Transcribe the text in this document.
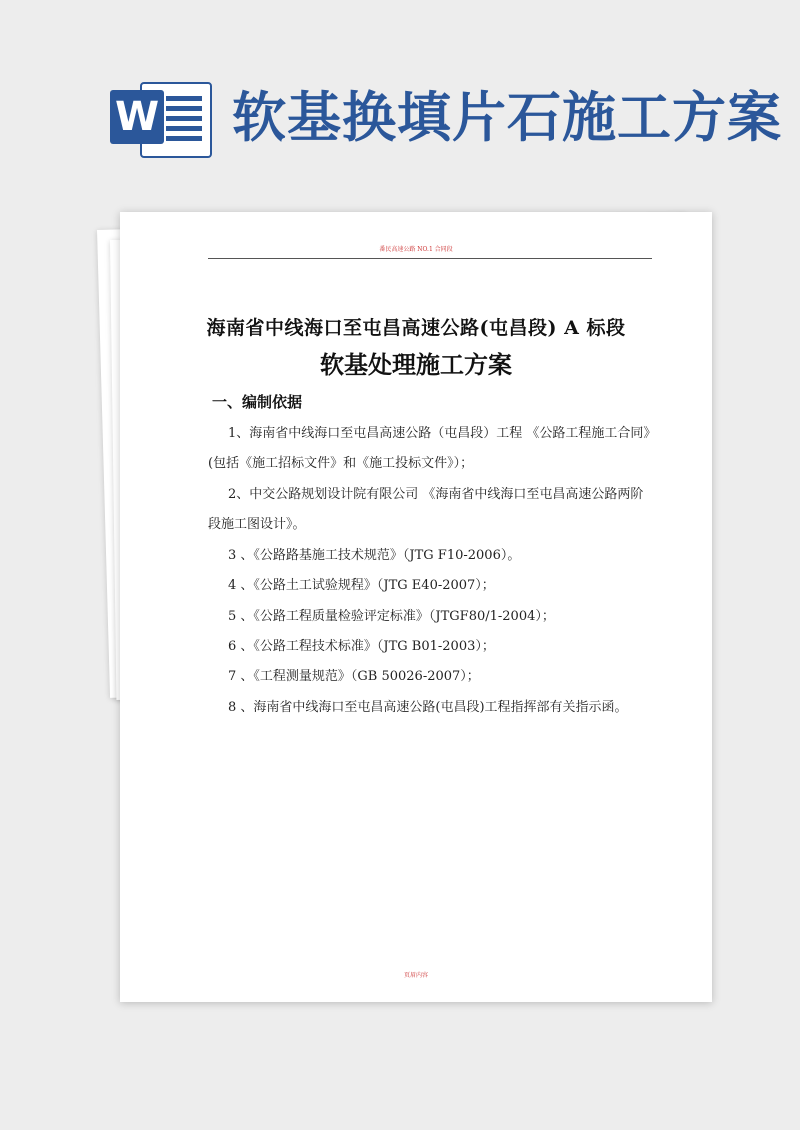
W 软基换填片石施工方案
番民高速公路 NO.1 合同段
海南省中线海口至屯昌高速公路(屯昌段) A 标段
软基处理施工方案
一、编制依据
1、海南省中线海口至屯昌高速公路（屯昌段）工程 《公路工程施工合同》
(包括《施工招标文件》和《施工投标文件》）；
2、中交公路规划设计院有限公司 《海南省中线海口至屯昌高速公路两阶
段施工图设计》。
3 、《公路路基施工技术规范》（JTG F10-2006）。
4 、《公路土工试验规程》（JTG E40-2007）；
5 、《公路工程质量检验评定标准》（JTGF80/1-2004）；
6 、《公路工程技术标准》（JTG B01-2003）；
7 、《工程测量规范》（GB 50026-2007）；
8 、海南省中线海口至屯昌高速公路(屯昌段)工程指挥部有关指示函。
页眉内容
